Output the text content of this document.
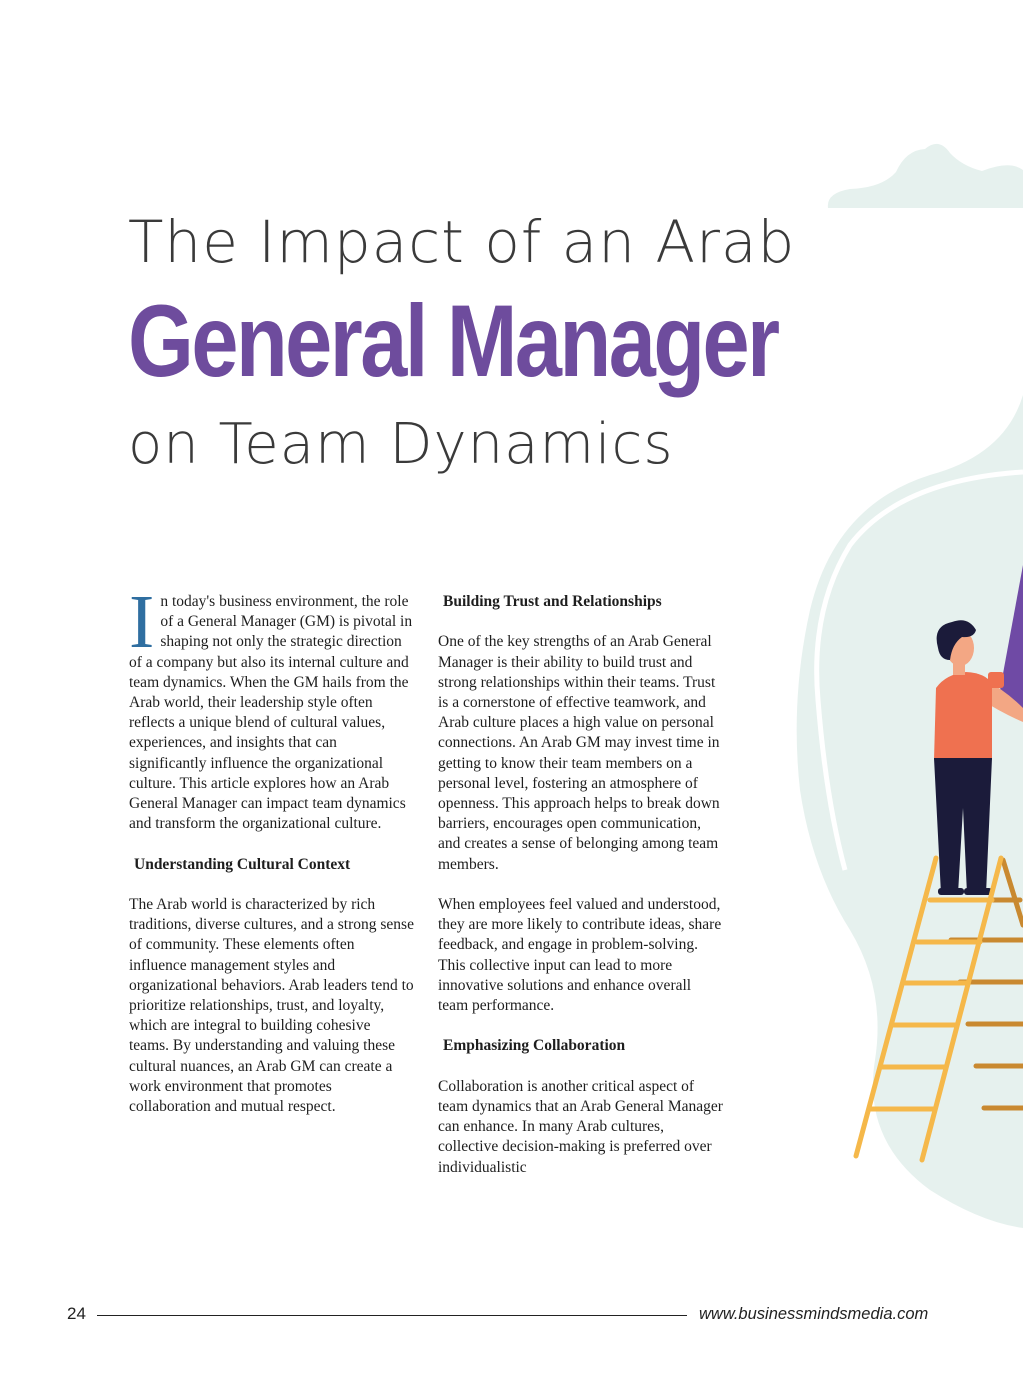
The Impact of an Arab
General Manager
on Team Dynamics

In today's business environment, the role of a General Manager (GM) is pivotal in shaping not only the strategic direction of a company but also its internal culture and team dynamics. When the GM hails from the Arab world, their leadership style often reflects a unique blend of cultural values, experiences, and insights that can significantly influence the organizational culture. This article explores how an Arab General Manager can impact team dynamics and transform the organizational culture.

Understanding Cultural Context

The Arab world is characterized by rich traditions, diverse cultures, and a strong sense of community. These elements often influence management styles and organizational behaviors. Arab leaders tend to prioritize relationships, trust, and loyalty, which are integral to building cohesive teams. By understanding and valuing these cultural nuances, an Arab GM can create a work environment that promotes collaboration and mutual respect.

Building Trust and Relationships

One of the key strengths of an Arab General Manager is their ability to build trust and strong relationships within their teams. Trust is a cornerstone of effective teamwork, and Arab culture places a high value on personal connections. An Arab GM may invest time in getting to know their team members on a personal level, fostering an atmosphere of openness. This approach helps to break down barriers, encourages open communication, and creates a sense of belonging among team members.

When employees feel valued and understood, they are more likely to contribute ideas, share feedback, and engage in problem-solving. This collective input can lead to more innovative solutions and enhance overall team performance.

Emphasizing Collaboration

Collaboration is another critical aspect of team dynamics that an Arab General Manager can enhance. In many Arab cultures, collective decision-making is preferred over individualistic

24	www.businessmindsmedia.com
